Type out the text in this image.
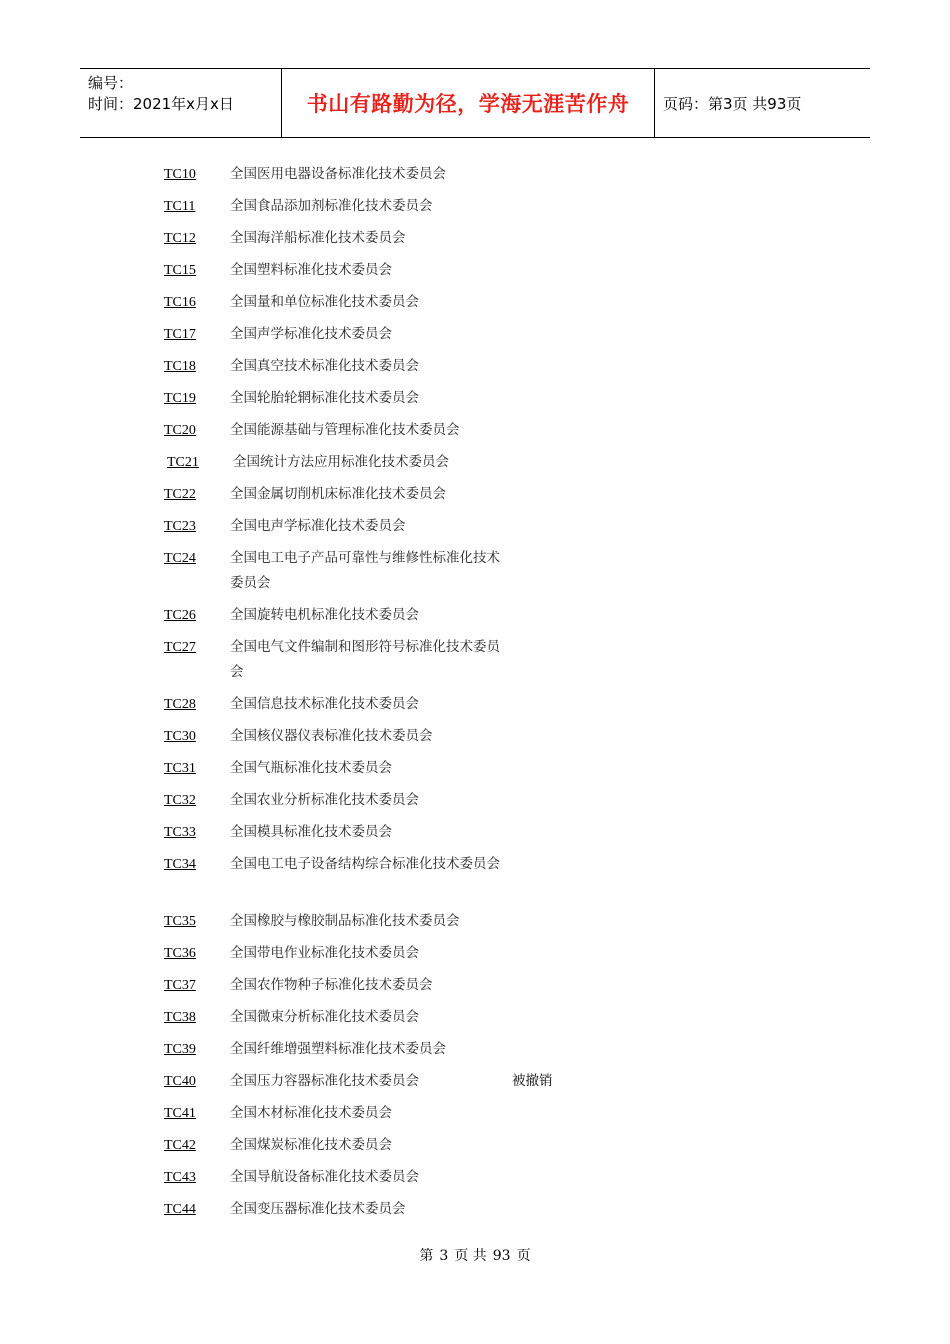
编号：
时间：2021年x月x日	书山有路勤为径，学海无涯苦作舟 页码：第3页 共93页
TC10	全国医用电器设备标准化技术委员会
TC11	全国食品添加剂标准化技术委员会
TC12	全国海洋船标准化技术委员会
TC15	全国塑料标准化技术委员会
TC16	全国量和单位标准化技术委员会
TC17	全国声学标准化技术委员会
TC18	全国真空技术标准化技术委员会
TC19	全国轮胎轮辋标准化技术委员会
TC20	全国能源基础与管理标准化技术委员会
TC21	全国统计方法应用标准化技术委员会
TC22	全国金属切削机床标准化技术委员会
TC23	全国电声学标准化技术委员会
TC24	全国电工电子产品可靠性与维修性标准化技术委员会
TC26	全国旋转电机标准化技术委员会
TC27	全国电气文件编制和图形符号标准化技术委员会
TC28	全国信息技术标准化技术委员会
TC30	全国核仪器仪表标准化技术委员会
TC31	全国气瓶标准化技术委员会
TC32	全国农业分析标准化技术委员会
TC33	全国模具标准化技术委员会
TC34	全国电工电子设备结构综合标准化技术委员会
TC35	全国橡胶与橡胶制品标准化技术委员会
TC36	全国带电作业标准化技术委员会
TC37	全国农作物种子标准化技术委员会
TC38	全国微束分析标准化技术委员会
TC39	全国纤维增强塑料标准化技术委员会
TC40	全国压力容器标准化技术委员会	被撤销
TC41	全国木材标准化技术委员会
TC42	全国煤炭标准化技术委员会
TC43	全国导航设备标准化技术委员会
TC44	全国变压器标准化技术委员会
第 3 页 共 93 页
